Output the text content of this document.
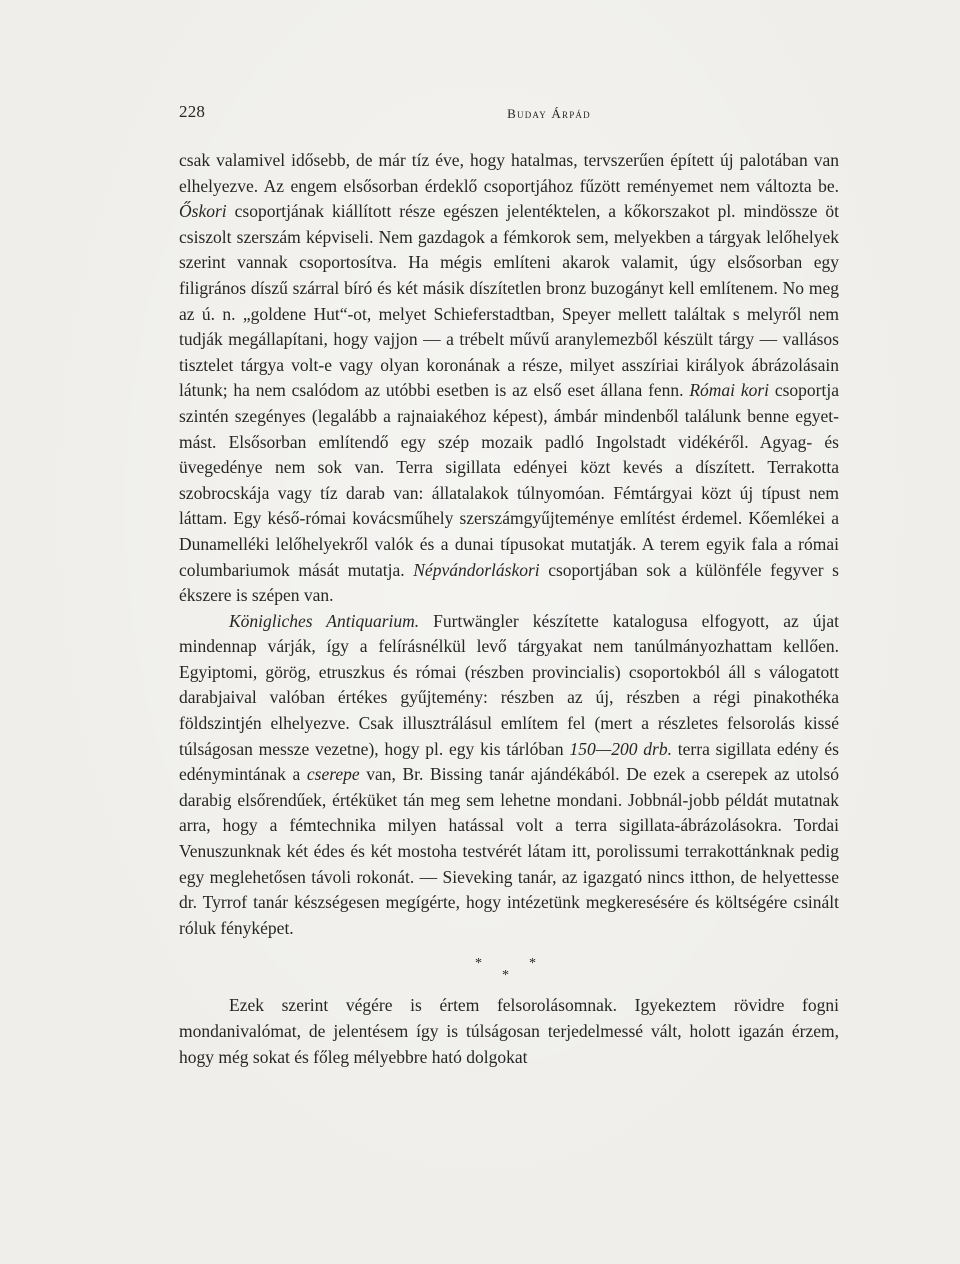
228	Buday Árpád

csak valamivel idősebb, de már tíz éve, hogy hatalmas, tervszerűen épített új palotában van elhelyezve. Az engem elsősorban érdeklő csoportjához fűzött reményemet nem változta be. Őskori csoportjának kiállított része egészen jelentéktelen, a kőkorszakot pl. mindössze öt csiszolt szerszám képviseli. Nem gazdagok a fémkorok sem, melyekben a tárgyak lelőhelyek szerint vannak csoportosítva. Ha mégis említeni akarok valamit, úgy elsősorban egy filigrános díszű szárral bíró és két másik díszítetlen bronz buzogányt kell említenem. No meg az ú. n. „goldene Hut“-ot, melyet Schieferstadtban, Speyer mellett találtak s melyről nem tudják megállapítani, hogy vajjon — a trébelt művű aranylemezből készült tárgy — vallásos tisztelet tárgya volt-e vagy olyan koronának a része, milyet asszíriai királyok ábrázolásain látunk; ha nem csalódom az utóbbi esetben is az első eset állana fenn. Római kori csoportja szintén szegényes (legalább a rajnaiakéhoz képest), ámbár mindenből találunk benne egyet-mást. Elsősorban említendő egy szép mozaik padló Ingolstadt vidékéről. Agyag- és üvegedénye nem sok van. Terra sigillata edényei közt kevés a díszített. Terrakotta szobrocskája vagy tíz darab van: állatalakok túlnyomóan. Fémtárgyai közt új típust nem láttam. Egy késő-római kovácsműhely szerszámgyűjteménye említést érdemel. Kőemlékei a Dunamelléki lelőhelyekről valók és a dunai típusokat mutatják. A terem egyik fala a római columbariumok mását mutatja. Népvándorláskori csoportjában sok a különféle fegyver s ékszere is szépen van.

Königliches Antiquarium. Furtwängler készítette katalogusa elfogyott, az újat mindennap várják, így a felírásnélkül levő tárgyakat nem tanúlmányozhattam kellően. Egyiptomi, görög, etruszkus és római (részben provincialis) csoportokból áll s válogatott darabjaival valóban értékes gyűjtemény: részben az új, részben a régi pinakothéka földszintjén elhelyezve. Csak illusztrálásul említem fel (mert a részletes felsorolás kissé túlságosan messze vezetne), hogy pl. egy kis tárlóban 150—200 drb. terra sigillata edény és edénymintának a cserepe van, Br. Bissing tanár ajándékából. De ezek a cserepek az utolsó darabig elsőrendűek, értéküket tán meg sem lehetne mondani. Jobbnál-jobb példát mutatnak arra, hogy a fémtechnika milyen hatással volt a terra sigillata-ábrázolásokra. Tordai Venuszunknak két édes és két mostoha testvérét látam itt, porolissumi terrakottánknak pedig egy meglehetősen távoli rokonát. — Sieveking tanár, az igazgató nincs itthon, de helyettesse dr. Tyrrof tanár készségesen megígérte, hogy intézetünk megkeresésére és költségére csinált róluk fényképet.

*	*
*

Ezek szerint végére is értem felsorolásomnak. Igyekeztem rövidre fogni mondanivalómat, de jelentésem így is túlságosan terjedelmessé vált, holott igazán érzem, hogy még sokat és főleg mélyebbre ható dolgokat
